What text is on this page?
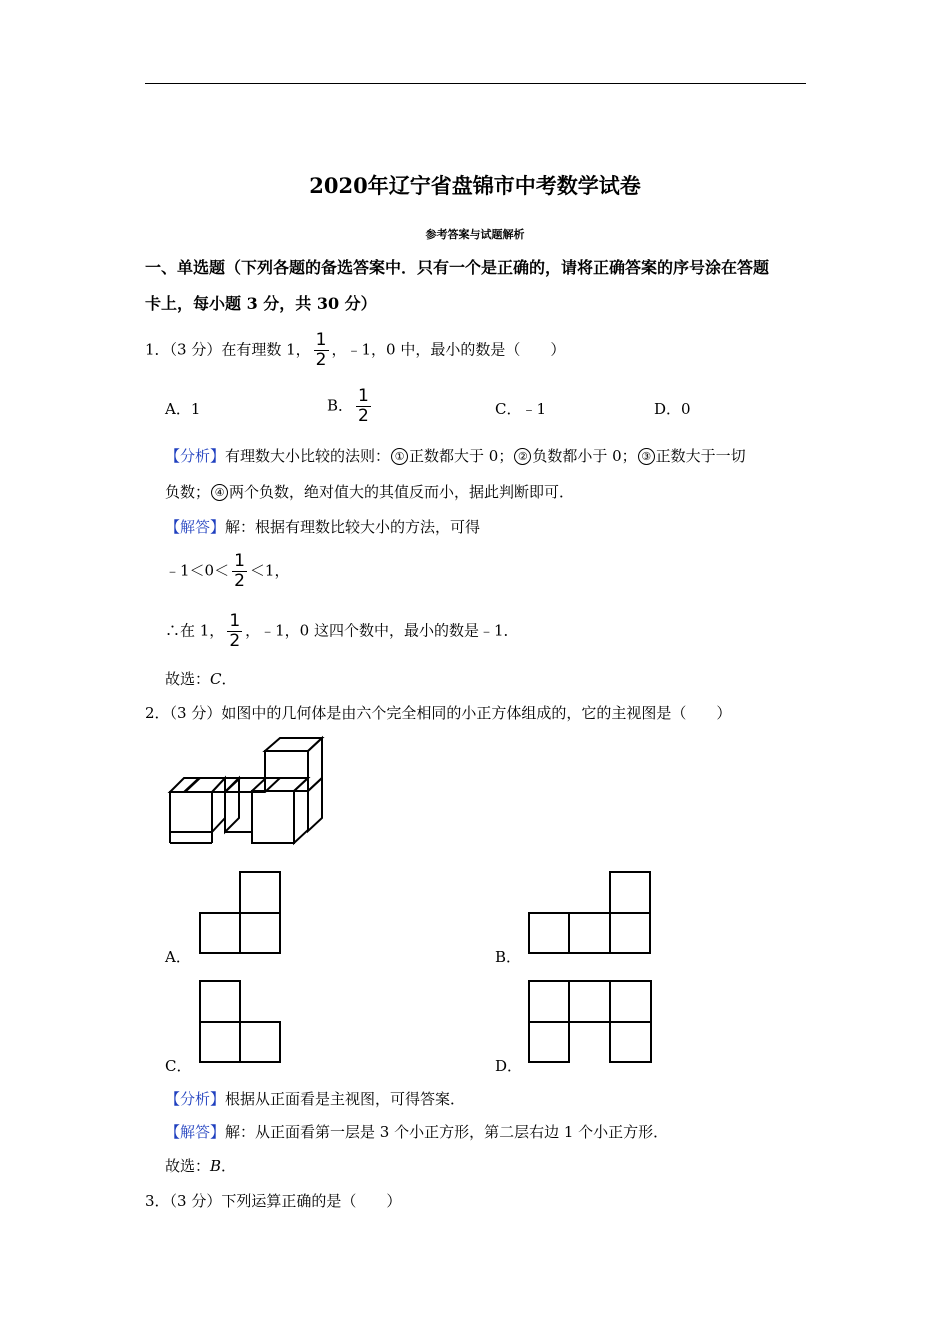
2020年辽宁省盘锦市中考数学试卷
参考答案与试题解析
一、单选题（下列各题的备选答案中．只有一个是正确的，请将正确答案的序号涂在答题
卡上，每小题 3 分，共 30 分）
1．（3 分）在有理数 1， $\frac{1}{2}$ ，﹣1，0 中，最小的数是（　　）
A．1	B． $\frac{1}{2}$	C．﹣1	D．0
【分析】有理数大小比较的法则： ① 正数都大于 0； ② 负数都小于 0； ③ 正数大于一切
负数； ④ 两个负数，绝对值大的其值反而小，据此判断即可．
【解答】解：根据有理数比较大小的方法，可得
﹣1＜0＜ $\frac{1}{2} <1$，
∴在 1， $\frac{1}{2}$ ，﹣1，0 这四个数中，最小的数是﹣1．
故选：C．
2．（3 分）如图中的几何体是由六个完全相同的小正方体组成的，它的主视图是（　　）
A．	B．
C．	D．
【分析】根据从正面看是主视图，可得答案．
【解答】解：从正面看第一层是 3 个小正方形，第二层右边 1 个小正方形．
故选：B．
3．（3 分）下列运算正确的是（　　）
